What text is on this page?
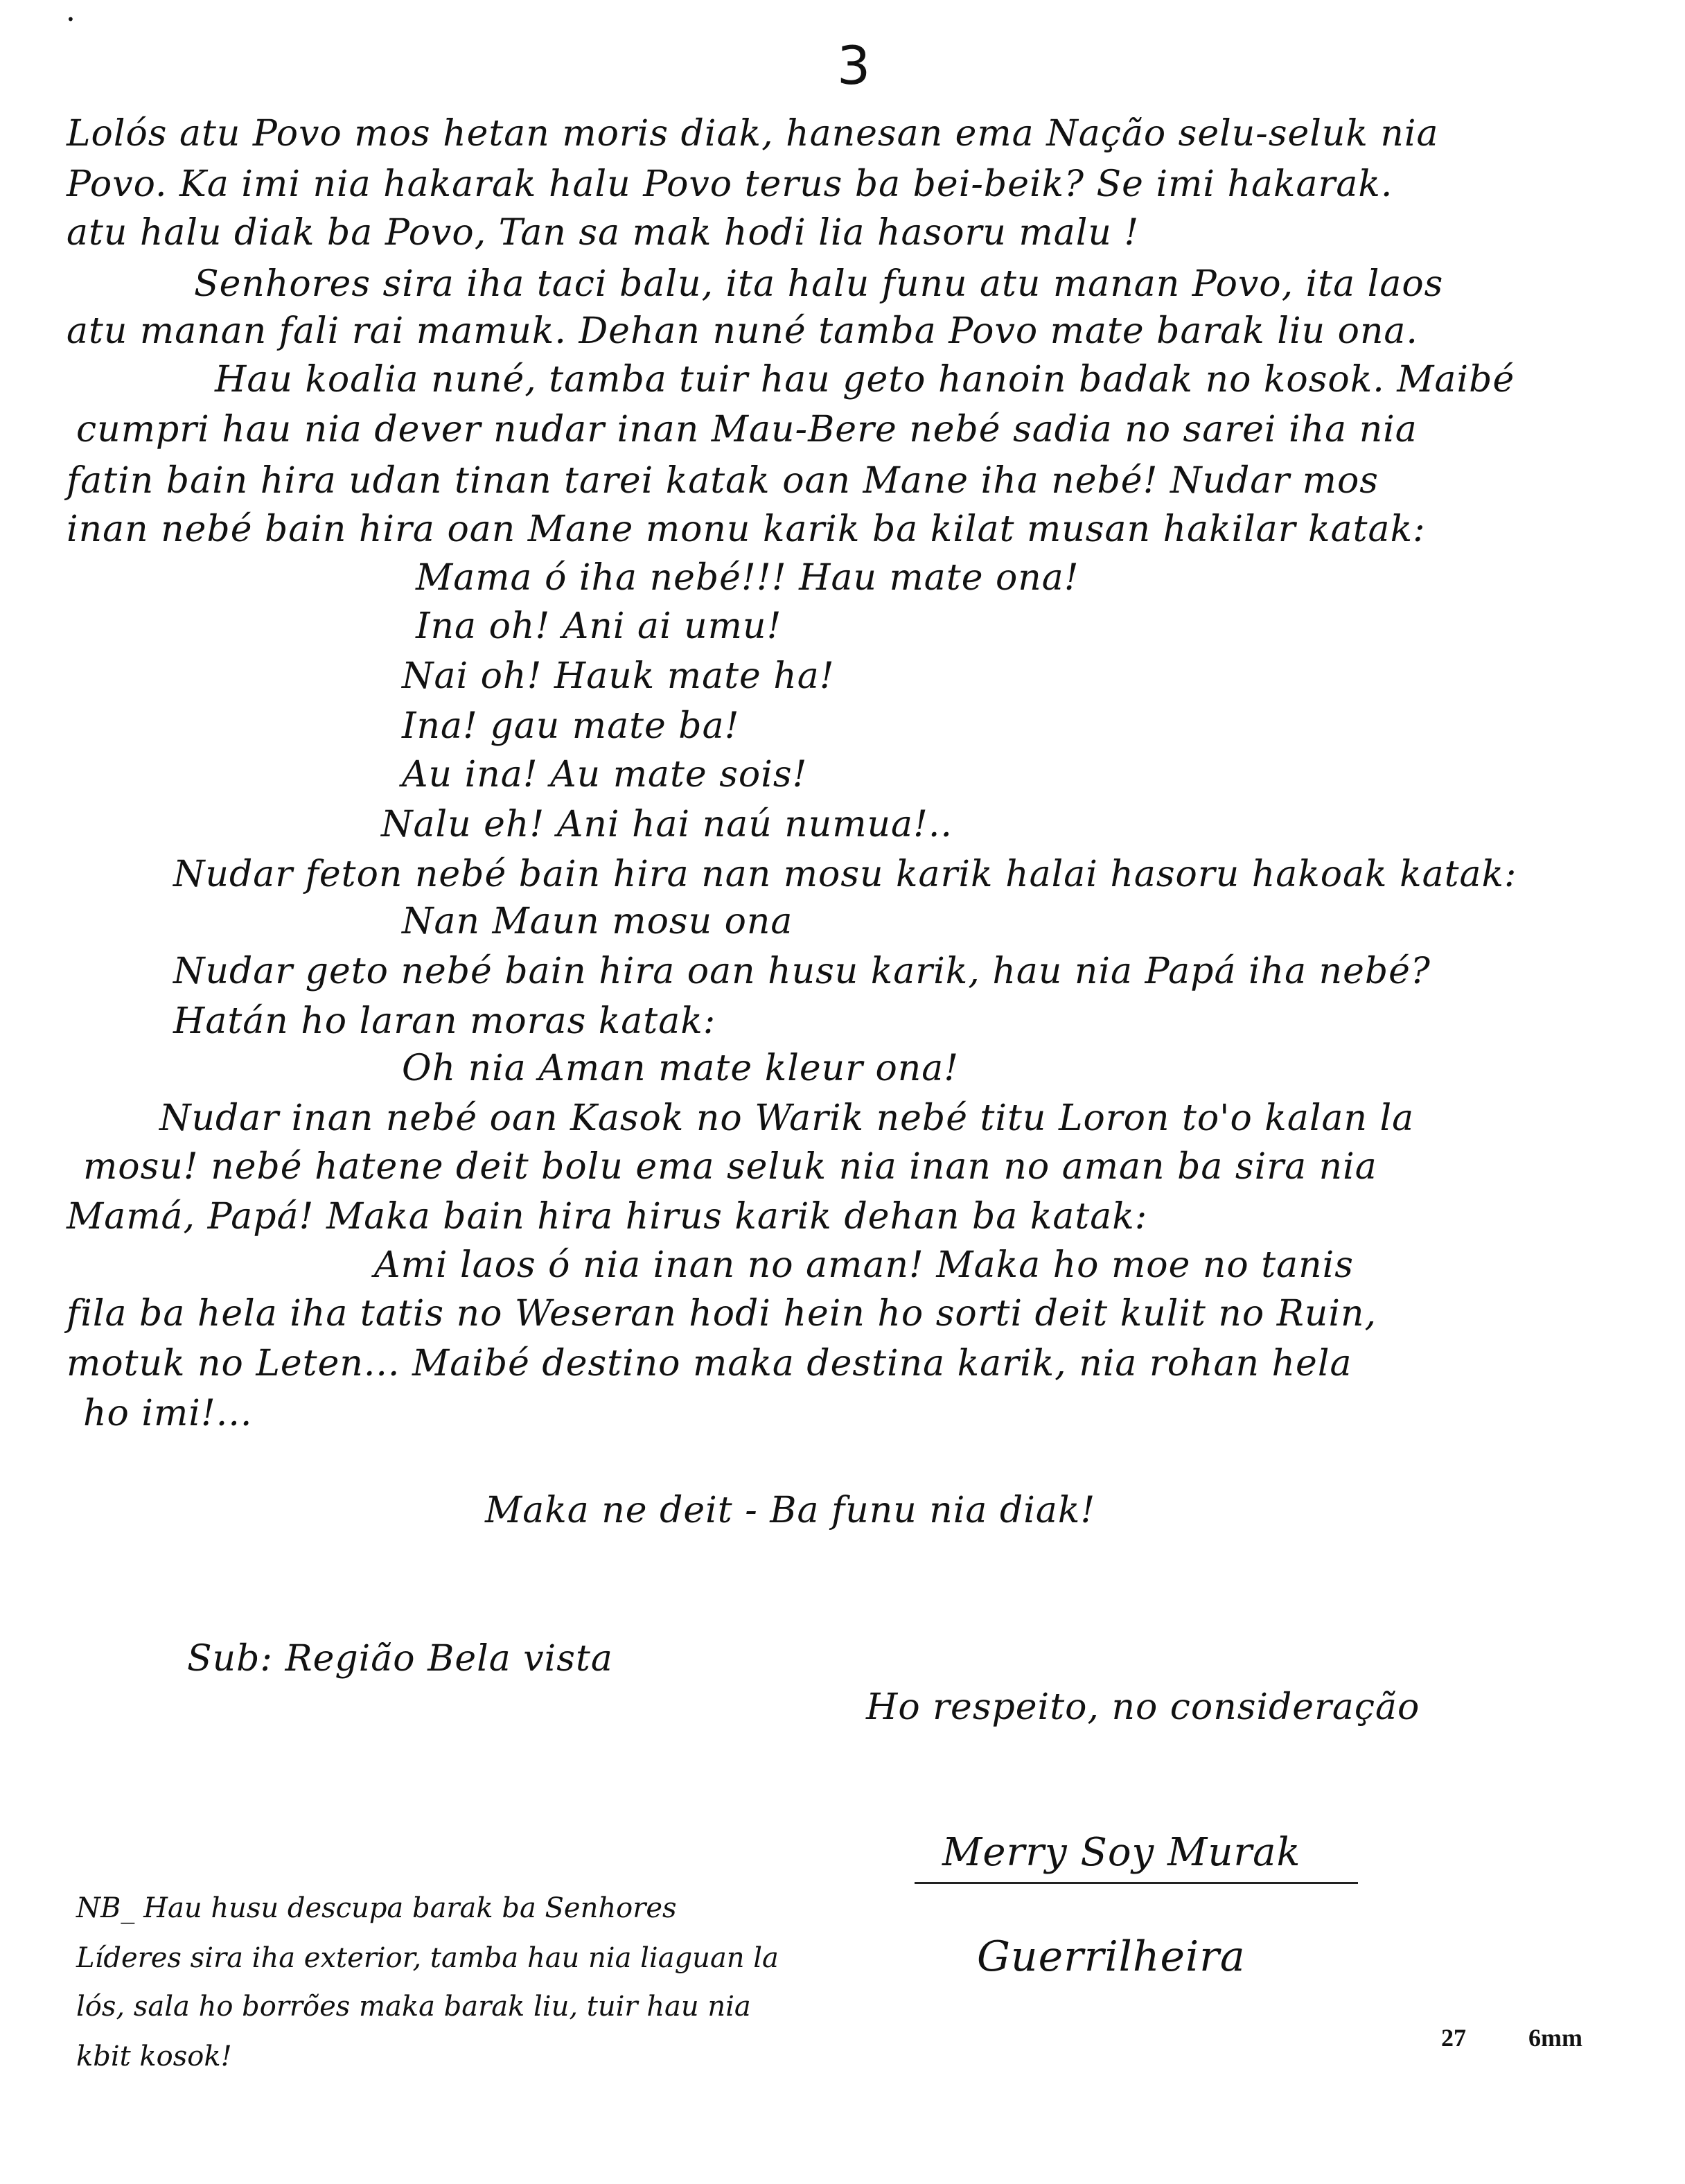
•
3
Lolós atu Povo mos hetan moris diak, hanesan ema Nação selu-seluk nia
Povo. Ka imi nia hakarak halu Povo terus ba bei-beik? Se imi hakarak.
atu halu diak ba Povo, Tan sa mak hodi lia hasoru malu !
Senhores sira iha taci balu, ita halu funu atu manan Povo, ita laos
atu manan fali rai mamuk. Dehan nuné tamba Povo mate barak liu ona.
Hau koalia nuné, tamba tuir hau geto hanoin badak no kosok. Maibé
cumpri hau nia dever nudar inan Mau-Bere nebé sadia no sarei iha nia
fatin bain hira udan tinan tarei katak oan Mane iha nebé! Nudar mos
inan nebé bain hira oan Mane monu karik ba kilat musan hakilar katak:
Mama ó iha nebé!!! Hau mate ona!
Ina oh! Ani ai umu!
Nai oh! Hauk mate ha!
Ina! gau mate ba!
Au ina! Au mate sois!
Nalu eh! Ani hai naú numua!..
Nudar feton nebé bain hira nan mosu karik halai hasoru hakoak katak:
Nan Maun mosu ona
Nudar geto nebé bain hira oan husu karik, hau nia Papá iha nebé?
Hatán ho laran moras katak:
Oh nia Aman mate kleur ona!
Nudar inan nebé oan Kasok no Warik nebé titu Loron to'o kalan la
mosu! nebé hatene deit bolu ema seluk nia inan no aman ba sira nia
Mamá, Papá! Maka bain hira hirus karik dehan ba katak:
Ami laos ó nia inan no aman! Maka ho moe no tanis
fila ba hela iha tatis no Weseran hodi hein ho sorti deit kulit no Ruin,
motuk no Leten... Maibé destino maka destina karik, nia rohan hela
ho imi!...
Maka ne deit - Ba funu nia diak!
Sub: Região Bela vista
Ho respeito, no consideração
Merry Soy Murak
Guerrilheira
NB_ Hau husu descupa barak ba Senhores
Líderes sira iha exterior, tamba hau nia liaguan la
lós, sala ho borrões maka barak liu, tuir hau nia
kbit kosok!
27	6mm
